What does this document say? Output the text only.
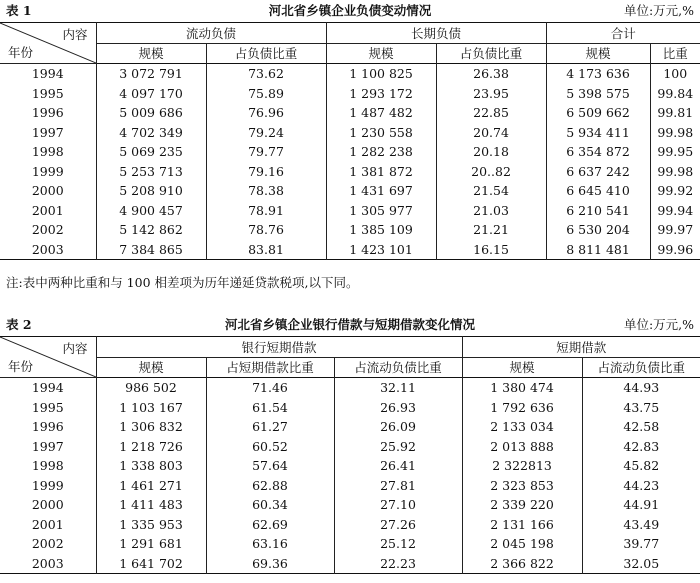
表 1	河北省乡镇企业负债变动情况	单位:万元,%
内容
年份	流动负债		长期负债		合计	
	规模	占负债比重	规模	占负债比重	规模	比重
1994	3 072 791	73.62	1 100 825	26.38	4 173 636	100
1995	4 097 170	75.89	1 293 172	23.95	5 398 575	99.84
1996	5 009 686	76.96	1 487 482	22.85	6 509 662	99.81
1997	4 702 349	79.24	1 230 558	20.74	5 934 411	99.98
1998	5 069 235	79.77	1 282 238	20.18	6 354 872	99.95
1999	5 253 713	79.16	1 381 872	20..82	6 637 242	99.98
2000	5 208 910	78.38	1 431 697	21.54	6 645 410	99.92
2001	4 900 457	78.91	1 305 977	21.03	6 210 541	99.94
2002	5 142 862	78.76	1 385 109	21.21	6 530 204	99.97
2003	7 384 865	83.81	1 423 101	16.15	8 811 481	99.96
注:表中两种比重和与 100 相差项为历年递延贷款税项,以下同。
表 2	河北省乡镇企业银行借款与短期借款变化情况	单位:万元,%
内容
年份	银行短期借款			短期借款	
	规模	占短期借款比重	占流动负债比重	规模	占流动负债比重
1994	986 502	71.46	32.11	1 380 474	44.93
1995	1 103 167	61.54	26.93	1 792 636	43.75
1996	1 306 832	61.27	26.09	2 133 034	42.58
1997	1 218 726	60.52	25.92	2 013 888	42.83
1998	1 338 803	57.64	26.41	2 322813	45.82
1999	1 461 271	62.88	27.81	2 323 853	44.23
2000	1 411 483	60.34	27.10	2 339 220	44.91
2001	1 335 953	62.69	27.26	2 131 166	43.49
2002	1 291 681	63.16	25.12	2 045 198	39.77
2003	1 641 702	69.36	22.23	2 366 822	32.05
